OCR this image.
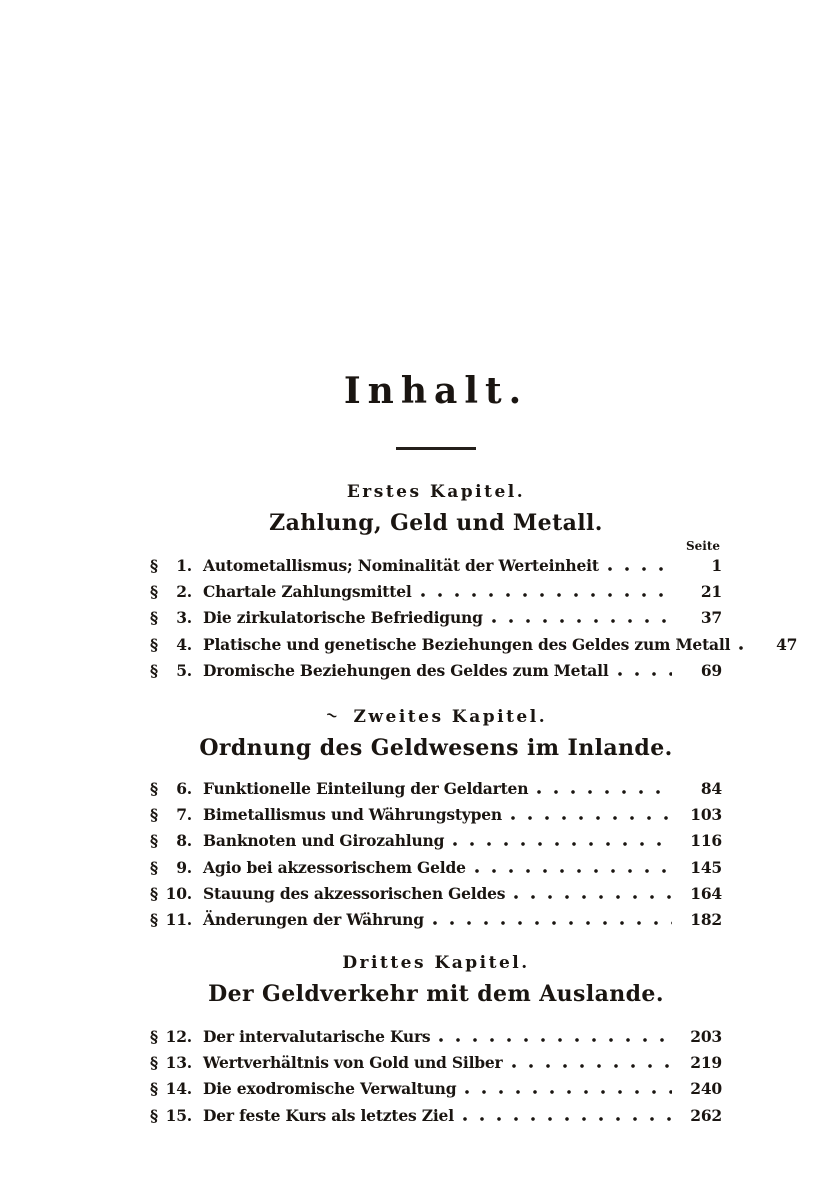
Inhalt.
Erstes Kapitel.
Zahlung, Geld und Metall.
Seite
§ 1. Autometallismus; Nominalität der Werteinheit	1
§ 2. Chartale Zahlungsmittel	21
§ 3. Die zirkulatorische Befriedigung	37
§ 4. Platische und genetische Beziehungen des Geldes zum Metall	47
§ 5. Dromische Beziehungen des Geldes zum Metall	69
~ Zweites Kapitel.
Ordnung des Geldwesens im Inlande.
§ 6. Funktionelle Einteilung der Geldarten	84
§ 7. Bimetallismus und Währungstypen	103
§ 8. Banknoten und Girozahlung	116
§ 9. Agio bei akzessorischem Gelde	145
§ 10. Stauung des akzessorischen Geldes	164
§ 11. Änderungen der Währung	182
Drittes Kapitel.
Der Geldverkehr mit dem Auslande.
§ 12. Der intervalutarische Kurs	203
§ 13. Wertverhältnis von Gold und Silber	219
§ 14. Die exodromische Verwaltung	240
§ 15. Der feste Kurs als letztes Ziel	262
